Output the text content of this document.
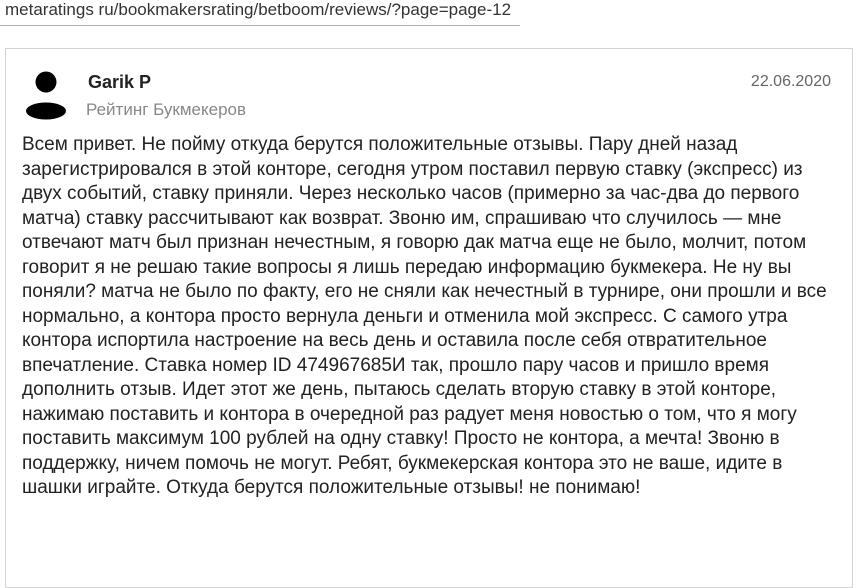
metaratings ru/bookmakersrating/betboom/reviews/?page=page-12
Garik P
Рейтинг Букмекеров
22.06.2020

Всем привет. Не пойму откуда берутся положительные отзывы. Пару дней назад зарегистрировался в этой конторе, сегодня утром поставил первую ставку (экспресс) из двух событий, ставку приняли. Через несколько часов (примерно за час-два до первого матча) ставку рассчитывают как возврат. Звоню им, спрашиваю что случилось — мне отвечают матч был признан нечестным, я говорю дак матча еще не было, молчит, потом говорит я не решаю такие вопросы я лишь передаю информацию букмекера. Не ну вы поняли? матча не было по факту, его не сняли как нечестный в турнире, они прошли и все нормально, а контора просто вернула деньги и отменила мой экспресс. С самого утра контора испортила настроение на весь день и оставила после себя отвратительное впечатление. Ставка номер ID 474967685И так, прошло пару часов и пришло время дополнить отзыв. Идет этот же день, пытаюсь сделать вторую ставку в этой конторе, нажимаю поставить и контора в очередной раз радует меня новостью о том, что я могу поставить максимум 100 рублей на одну ставку! Просто не контора, а мечта! Звоню в поддержку, ничем помочь не могут. Ребят, букмекерская контора это не ваше, идите в шашки играйте. Откуда берутся положительные отзывы! не понимаю!
